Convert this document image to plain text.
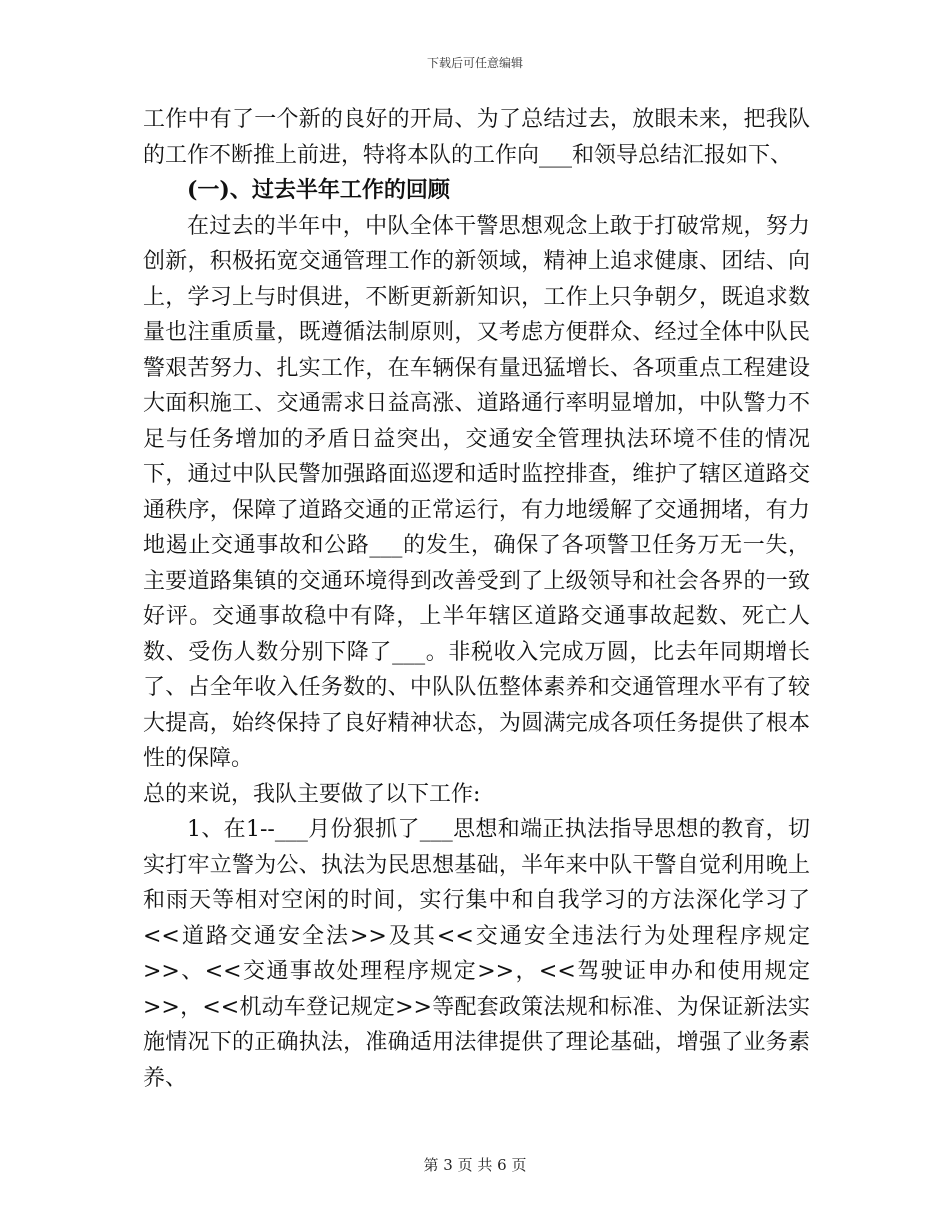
下载后可任意编辑

工作中有了一个新的良好的开局、为了总结过去，放眼未来，把我队的工作不断推上前进，特将本队的工作向___和领导总结汇报如下、

(一)、过去半年工作的回顾

在过去的半年中，中队全体干警思想观念上敢于打破常规，努力创新，积极拓宽交通管理工作的新领域，精神上追求健康、团结、向上，学习上与时俱进，不断更新新知识，工作上只争朝夕，既追求数量也注重质量，既遵循法制原则，又考虑方便群众、经过全体中队民警艰苦努力、扎实工作，在车辆保有量迅猛增长、各项重点工程建设大面积施工、交通需求日益高涨、道路通行率明显增加，中队警力不足与任务增加的矛盾日益突出，交通安全管理执法环境不佳的情况下，通过中队民警加强路面巡逻和适时监控排查，维护了辖区道路交通秩序，保障了道路交通的正常运行，有力地缓解了交通拥堵，有力地遏止交通事故和公路___的发生，确保了各项警卫任务万无一失，主要道路集镇的交通环境得到改善受到了上级领导和社会各界的一致好评。交通事故稳中有降，上半年辖区道路交通事故起数、死亡人数、受伤人数分别下降了___。非税收入完成万圆，比去年同期增长了、占全年收入任务数的、中队队伍整体素养和交通管理水平有了较大提高，始终保持了良好精神状态，为圆满完成各项任务提供了根本性的保障。

总的来说，我队主要做了以下工作:

1、在1--___月份狠抓了___思想和端正执法指导思想的教育，切实打牢立警为公、执法为民思想基础，半年来中队干警自觉利用晚上和雨天等相对空闲的时间，实行集中和自我学习的方法深化学习了<<道路交通安全法>>及其<<交通安全违法行为处理程序规定>>、<<交通事故处理程序规定>>，<<驾驶证申办和使用规定>>，<<机动车登记规定>>等配套政策法规和标准、为保证新法实施情况下的正确执法，准确适用法律提供了理论基础，增强了业务素养、

第 3 页 共 6 页
